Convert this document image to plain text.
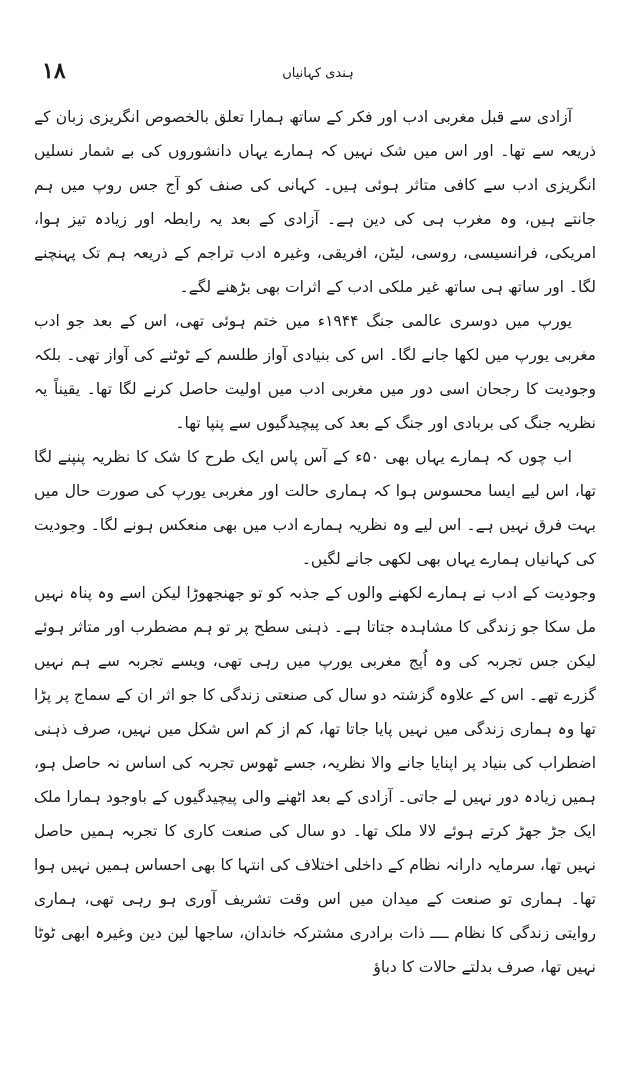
١٨	ہندی کہانیاں

آزادی سے قبل مغربی ادب اور فکر کے ساتھ ہمارا تعلق بالخصوص انگریزی زبان کے ذریعہ سے تھا۔ اور اس میں شک نہیں کہ ہمارے یہاں دانشوروں کی بے شمار نسلیں انگریزی ادب سے کافی متاثر ہوئی ہیں۔ کہانی کی صنف کو آج جس روپ میں ہم جانتے ہیں، وہ مغرب ہی کی دین ہے۔ آزادی کے بعد یہ رابطہ اور زیادہ تیز ہوا، امریکی، فرانسیسی، روسی، لیٹن، افریقی، وغیرہ ادب تراجم کے ذریعہ ہم تک پہنچنے لگا۔ اور ساتھ ہی ساتھ غیر ملکی ادب کے اثرات بھی بڑھنے لگے۔

یورپ میں دوسری عالمی جنگ ۱۹۴۴ء میں ختم ہوئی تھی، اس کے بعد جو ادب مغربی یورپ میں لکھا جانے لگا۔ اس کی بنیادی آواز طلسم کے ٹوٹنے کی آواز تھی۔ بلکہ وجودیت کا رجحان اسی دور میں مغربی ادب میں اولیت حاصل کرنے لگا تھا۔ یقیناً یہ نظریہ جنگ کی بربادی اور جنگ کے بعد کی پیچیدگیوں سے پنپا تھا۔

اب چوں کہ ہمارے یہاں بھی ۵۰ء کے آس پاس ایک طرح کا شک کا نظریہ پنپنے لگا تھا، اس لیے ایسا محسوس ہوا کہ ہماری حالت اور مغربی یورپ کی صورت حال میں بہت فرق نہیں ہے۔ اس لیے وہ نظریہ ہمارے ادب میں بھی منعکس ہونے لگا۔ وجودیت کی کہانیاں ہمارے یہاں بھی لکھی جانے لگیں۔

وجودیت کے ادب نے ہمارے لکھنے والوں کے جذبہ کو تو جھنجھوڑا لیکن اسے وہ پناہ نہیں مل سکا جو زندگی کا مشاہدہ جتاتا ہے۔ ذہنی سطح پر تو ہم مضطرب اور متاثر ہوئے لیکن جس تجربہ کی وہ اُپج مغربی یورپ میں رہی تھی، ویسے تجربہ سے ہم نہیں گزرے تھے۔ اس کے علاوہ گزشتہ دو سال کی صنعتی زندگی کا جو اثر ان کے سماج پر پڑا تھا وہ ہماری زندگی میں نہیں پایا جاتا تھا، کم از کم اس شکل میں نہیں، صرف ذہنی اضطراب کی بنیاد پر اپنایا جانے والا نظریہ، جسے ٹھوس تجربہ کی اساس نہ حاصل ہو، ہمیں زیادہ دور نہیں لے جاتی۔ آزادی کے بعد اٹھنے والی پیچیدگیوں کے باوجود ہمارا ملک ایک جڑ جھڑ کرتے ہوئے لالا ملک تھا۔ دو سال کی صنعت کاری کا تجربہ ہمیں حاصل نہیں تھا، سرمایہ دارانہ نظام کے داخلی اختلاف کی انتہا کا بھی احساس ہمیں نہیں ہوا تھا۔ ہماری تو صنعت کے میدان میں اس وقت تشریف آوری ہو رہی تھی، ہماری روایتی زندگی کا نظام ــــ ذات برادری مشترکہ خاندان، ساجھا لین دین وغیرہ ابھی ٹوٹا نہیں تھا، صرف بدلتے حالات کا دباؤ
